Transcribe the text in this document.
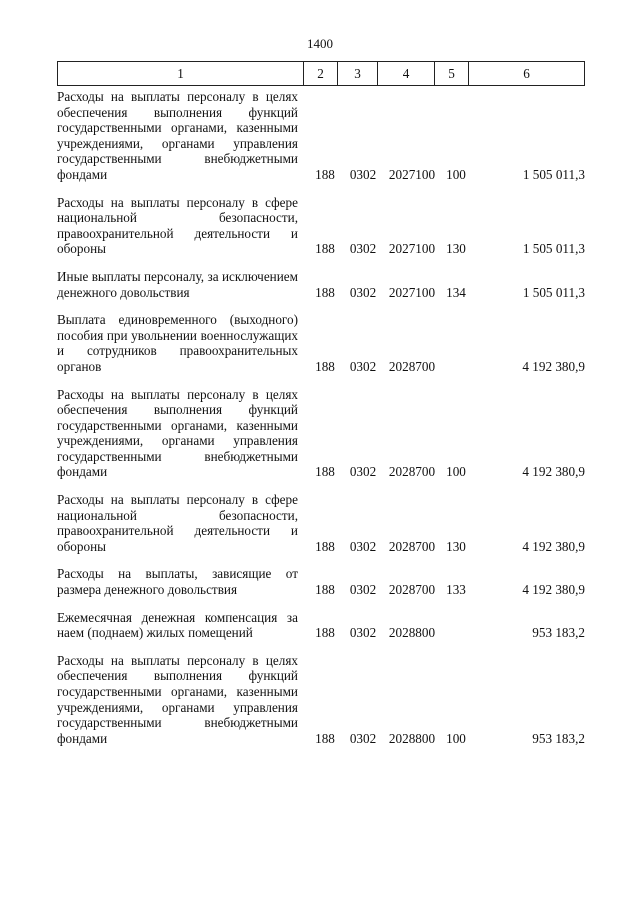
1400
1	2	3	4	5	6
Расходы на выплаты персоналу в целях обеспечения выполнения функций государственными органами, казенными учреждениями, органами управления государственными внебюджетными фондами	188	0302 2027100 100	1 505 011,3
Расходы на выплаты персоналу в сфере национальной безопасности, правоохранительной деятельности и обороны	188	0302 2027100 130	1 505 011,3
Иные выплаты персоналу, за исключением денежного довольствия	188	0302 2027100 134	1 505 011,3
Выплата единовременного (выходного) пособия при увольнении военнослужащих и сотрудников правоохранительных органов	188	0302 2028700	4 192 380,9
Расходы на выплаты персоналу в целях обеспечения выполнения функций государственными органами, казенными учреждениями, органами управления государственными внебюджетными фондами	188	0302 2028700 100	4 192 380,9
Расходы на выплаты персоналу в сфере национальной безопасности, правоохранительной деятельности и обороны	188	0302 2028700 130	4 192 380,9
Расходы на выплаты, зависящие от размера денежного довольствия	188	0302 2028700 133	4 192 380,9
Ежемесячная денежная компенсация за наем (поднаем) жилых помещений	188	0302 2028800	953 183,2
Расходы на выплаты персоналу в целях обеспечения выполнения функций государственными органами, казенными учреждениями, органами управления государственными внебюджетными фондами	188	0302 2028800 100	953 183,2
